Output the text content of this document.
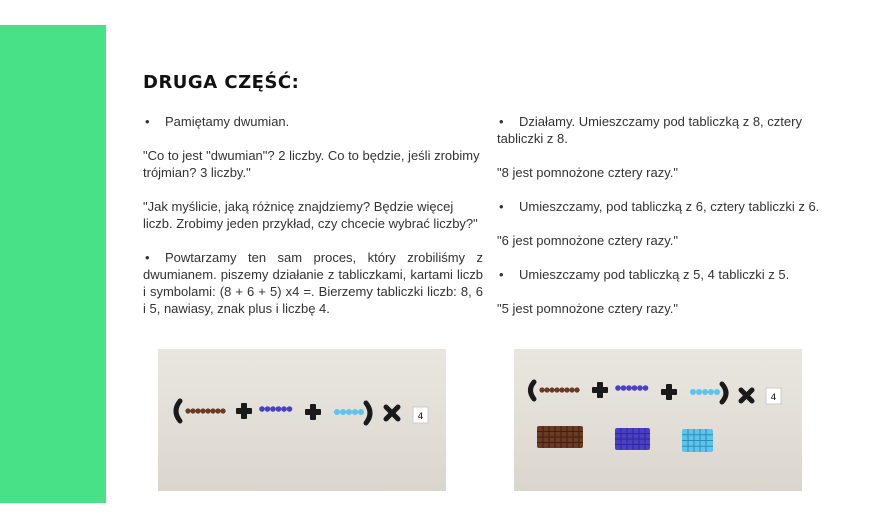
DRUGA CZĘŚĆ:

• Pamiętamy dwumian.

"Co to jest "dwumian"? 2 liczby. Co to będzie, jeśli zrobimy trójmian? 3 liczby."

"Jak myślicie, jaką różnicę znajdziemy? Będzie więcej liczb. Zrobimy jeden przykład, czy chcecie wybrać liczby?"

• Powtarzamy ten sam proces, który zrobiliśmy z dwumianem. piszemy działanie z tabliczkami, kartami liczb i symbolami: (8 + 6 + 5) x4 =. Bierzemy tabliczki liczb: 8, 6 i 5, nawiasy, znak plus i liczbę 4.

• Działamy. Umieszczamy pod tabliczką z 8, cztery tabliczki z 8.

"8 jest pomnożone cztery razy."

• Umieszczamy, pod tabliczką z 6, cztery tabliczki z 6.

"6 jest pomnożone cztery razy."

• Umieszczamy pod tabliczką z 5, 4 tabliczki z 5.

"5 jest pomnożone cztery razy."

4
4
